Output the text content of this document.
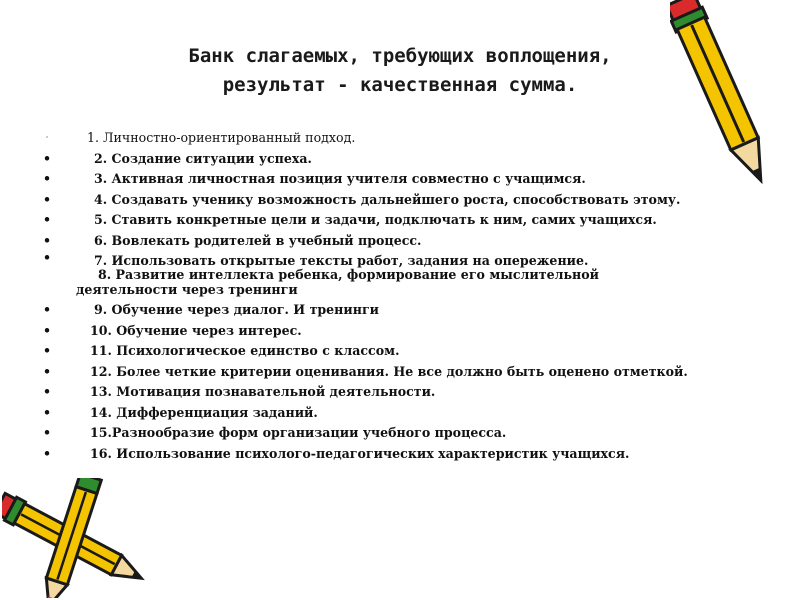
Банк слагаемых, требующих воплощения,
результат - качественная сумма.
·	1. Личностно-ориентированный подход.
•	2. Создание ситуации успеха.
•	3. Активная личностная позиция учителя совместно с учащимся.
•	4. Создавать ученику возможность дальнейшего роста, способствовать этому.
•	5. Ставить конкретные цели и задачи, подключать к ним, самих учащихся.
•	6. Вовлекать родителей в учебный процесс.
•	7. Использовать открытые тексты работ, задания на опережение.
8. Развитие интеллекта ребенка, формирование его мыслительной
деятельности через тренинги
•	9. Обучение через диалог. И тренинги
•	10. Обучение через интерес.
•	11. Психологическое единство с классом.
•	12. Более четкие критерии оценивания. Не все должно быть оценено отметкой.
•	13. Мотивация познавательной деятельности.
•	14. Дифференциация заданий.
•	15.Разнообразие форм организации учебного процесса.
•	16. Использование психолого-педагогических характеристик учащихся.
